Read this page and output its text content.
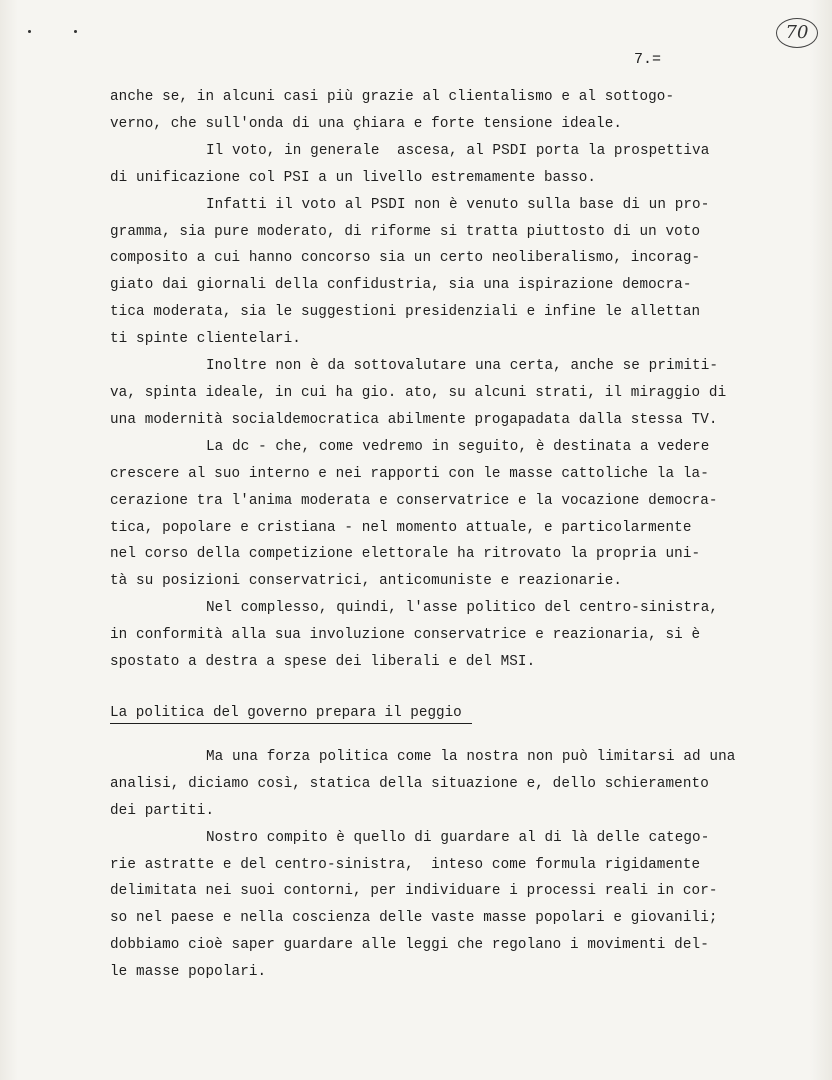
70
7.=
anche se, in alcuni casi più grazie al clientalismo e al sottogo-
verno, che sull'onda di una çhiara e forte tensione ideale.
Il voto, in generale  ascesa, al PSDI porta la prospettiva
di unificazione col PSI a un livello estremamente basso.
Infatti il voto al PSDI non è venuto sulla base di un pro-
gramma, sia pure moderato, di riforme si tratta piuttosto di un voto
composito a cui hanno concorso sia un certo neoliberalismo, incorag-
giato dai giornali della confidustria, sia una ispirazione democra-
tica moderata, sia le suggestioni presidenziali e infine le allettan
ti spinte clientelari.
Inoltre non è da sottovalutare una certa, anche se primiti-
va, spinta ideale, in cui ha gio. ato, su alcuni strati, il miraggio di
una modernità socialdemocratica abilmente progapadata dalla stessa TV.
La dc - che, come vedremo in seguito, è destinata a vedere
crescere al suo interno e nei rapporti con le masse cattoliche la la-
cerazione tra l'anima moderata e conservatrice e la vocazione democra-
tica, popolare e cristiana - nel momento attuale, e particolarmente
nel corso della competizione elettorale ha ritrovato la propria uni-
tà su posizioni conservatrici, anticomuniste e reazionarie.
Nel complesso, quindi, l'asse politico del centro-sinistra,
in conformità alla sua involuzione conservatrice e reazionaria, si è
spostato a destra a spese dei liberali e del MSI.
La politica del governo prepara il peggio
Ma una forza politica come la nostra non può limitarsi ad una
analisi, diciamo così, statica della situazione e, dello schieramento
dei partiti.
Nostro compito è quello di guardare al di là delle catego-
rie astratte e del centro-sinistra,  inteso come formula rigidamente
delimitata nei suoi contorni, per individuare i processi reali in cor-
so nel paese e nella coscienza delle vaste masse popolari e giovanili;
dobbiamo cioè saper guardare alle leggi che regolano i movimenti del-
le masse popolari.
